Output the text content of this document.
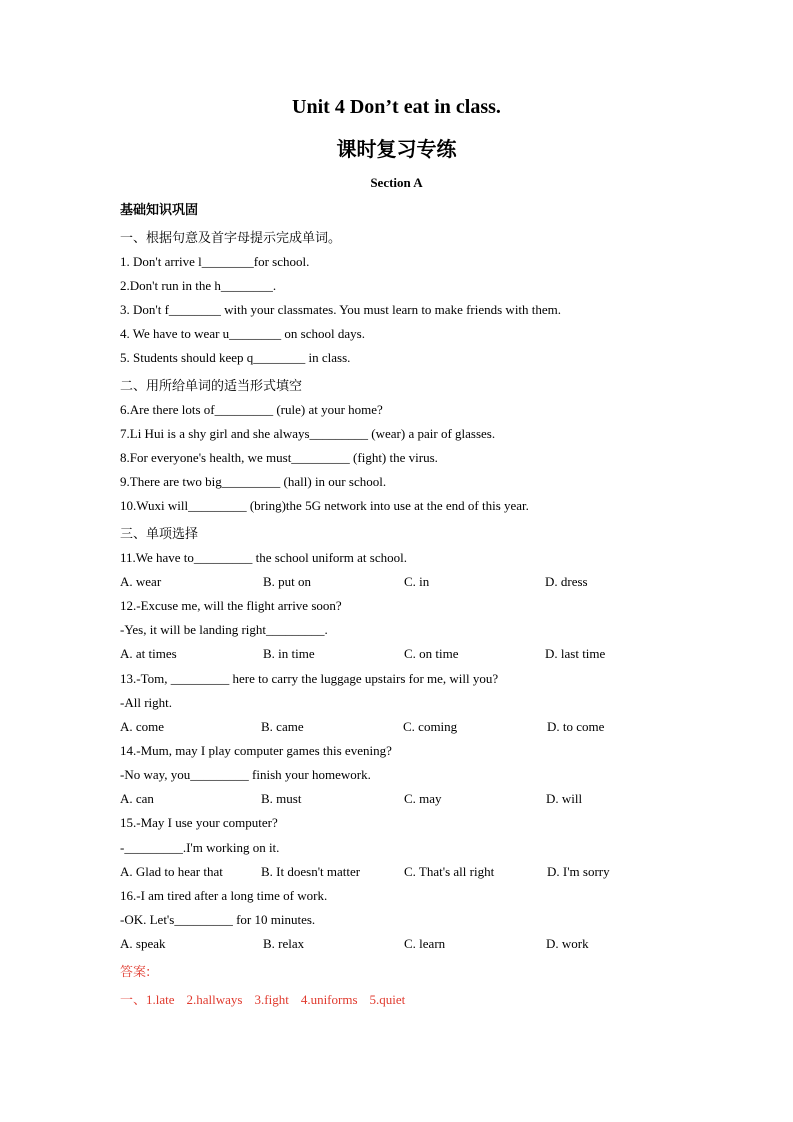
Unit 4 Don’t eat in class.
课时复习专练
Section A
基础知识巩固
一、根据句意及首字母提示完成单词。
1. Don't arrive l________for school.
2.Don't run in the h________.
3. Don't f________ with your classmates. You must learn to make friends with them.
4. We have to wear u________ on school days.
5. Students should keep q________ in class.
二、用所给单词的适当形式填空
6.Are there lots of_________ (rule) at your home?
7.Li Hui is a shy girl and she always_________ (wear) a pair of glasses.
8.For everyone's health, we must_________ (fight) the virus.
9.There are two big_________ (hall) in our school.
10.Wuxi will_________ (bring)the 5G network into use at the end of this year.
三、单项选择
11.We have to_________ the school uniform at school.
A. wear	B. put on	C. in	D. dress
12.-Excuse me, will the flight arrive soon?
-Yes, it will be landing right_________.
A. at times	B. in time	C. on time	D. last time
13.-Tom, _________ here to carry the luggage upstairs for me, will you?
-All right.
A. come	B. came	C. coming	D. to come
14.-Mum, may I play computer games this evening?
-No way, you_________ finish your homework.
A. can	B. must	C. may	D. will
15.-May I use your computer?
-_________.I'm working on it.
A. Glad to hear that	B. It doesn't matter	C. That's all right	D. I'm sorry
16.-I am tired after a long time of work.
-OK. Let's_________ for 10 minutes.
A. speak	B. relax	C. learn	D. work
答案:
一、1.late 2.hallways 3.fight 4.uniforms 5.quiet
